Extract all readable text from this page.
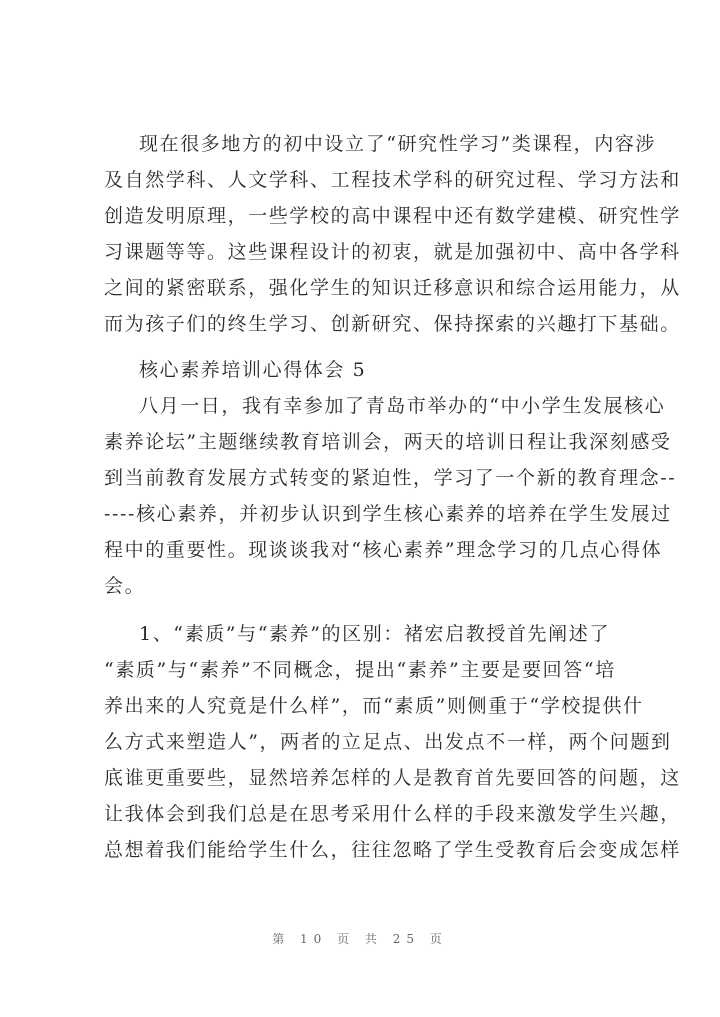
现在很多地方的初中设立了“研究性学习”类课程，内容涉
及自然学科、人文学科、工程技术学科的研究过程、学习方法和
创造发明原理，一些学校的高中课程中还有数学建模、研究性学
习课题等等。这些课程设计的初衷，就是加强初中、高中各学科
之间的紧密联系，强化学生的知识迁移意识和综合运用能力，从
而为孩子们的终生学习、创新研究、保持探索的兴趣打下基础。
核心素养培训心得体会 5
八月一日，我有幸参加了青岛市举办的“中小学生发展核心
素养论坛”主题继续教育培训会，两天的培训日程让我深刻感受
到当前教育发展方式转变的紧迫性，学习了一个新的教育理念--
----核心素养，并初步认识到学生核心素养的培养在学生发展过
程中的重要性。现谈谈我对“核心素养”理念学习的几点心得体
会。
1、“素质”与“素养”的区别：褚宏启教授首先阐述了
“素质”与“素养”不同概念，提出“素养”主要是要回答“培
养出来的人究竟是什么样”，而“素质”则侧重于“学校提供什
么方式来塑造人”，两者的立足点、出发点不一样，两个问题到
底谁更重要些，显然培养怎样的人是教育首先要回答的问题，这
让我体会到我们总是在思考采用什么样的手段来激发学生兴趣，
总想着我们能给学生什么，往往忽略了学生受教育后会变成怎样
第 10 页 共 25 页
